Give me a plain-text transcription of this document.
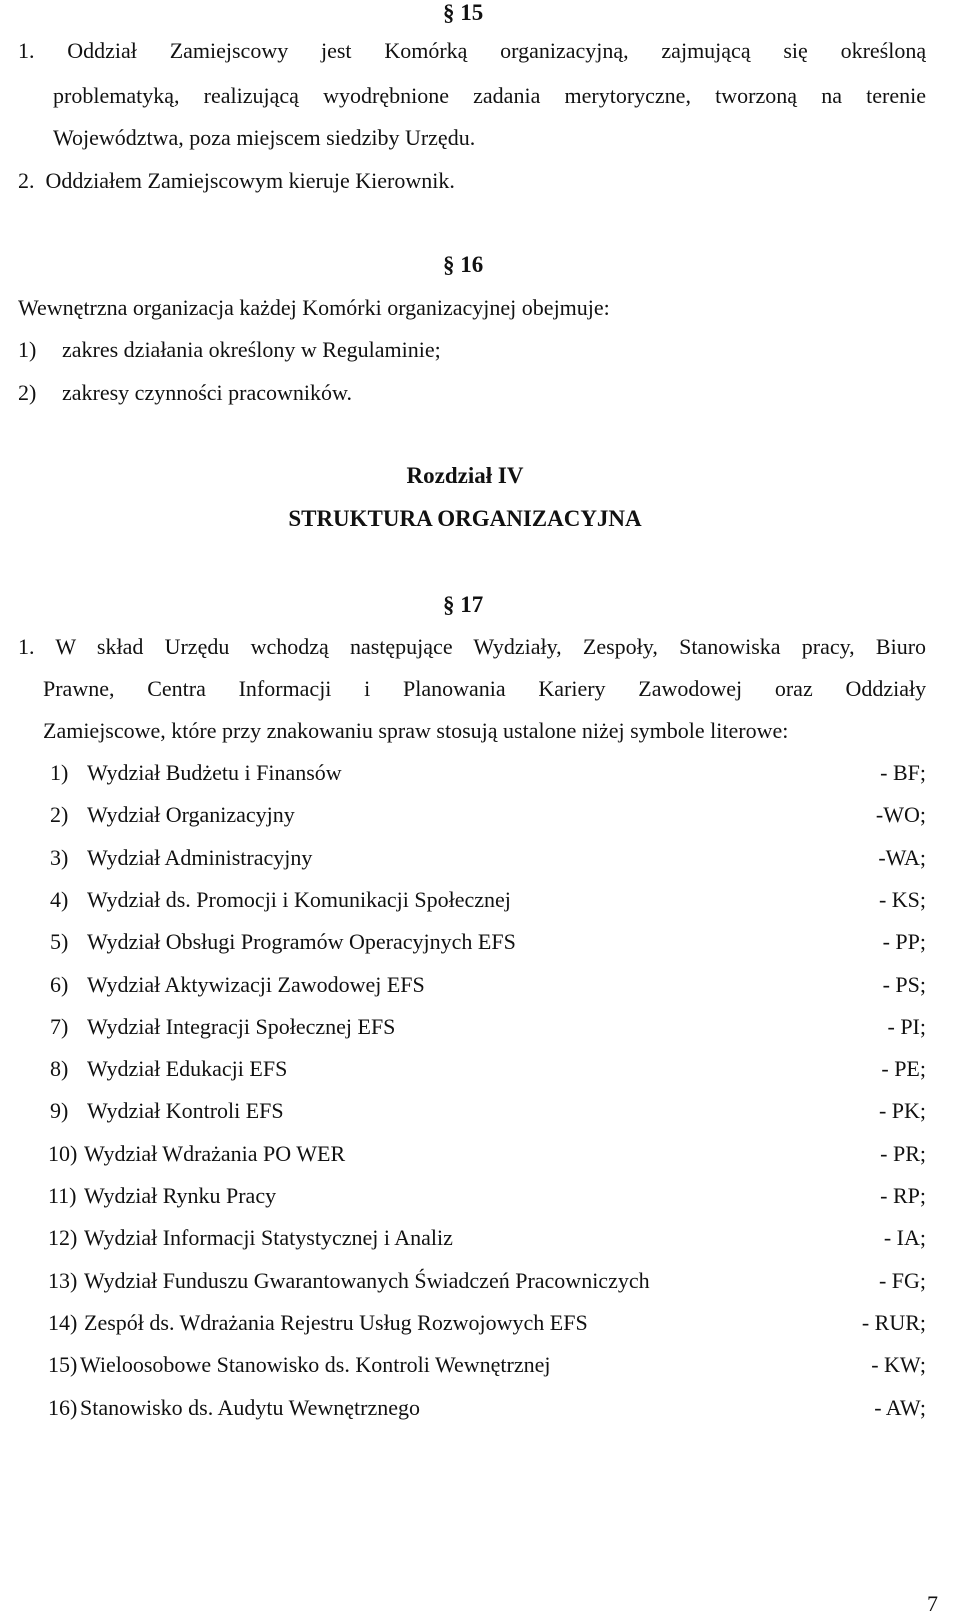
§ 15
1. Oddział Zamiejscowy jest Komórką organizacyjną, zajmującą się określoną
problematyką, realizującą wyodrębnione zadania merytoryczne, tworzoną na terenie
Województwa, poza miejscem siedziby Urzędu.
2.  Oddziałem Zamiejscowym kieruje Kierownik.
§ 16
Wewnętrzna organizacja każdej Komórki organizacyjnej obejmuje:
1) zakres działania określony w Regulaminie;
2) zakresy czynności pracowników.
Rozdział IV
STRUKTURA ORGANIZACYJNA
§ 17
1. W skład Urzędu wchodzą następujące Wydziały, Zespoły, Stanowiska pracy, Biuro
Prawne, Centra Informacji i Planowania Kariery Zawodowej oraz Oddziały
Zamiejscowe, które przy znakowaniu spraw stosują ustalone niżej symbole literowe:
1) Wydział Budżetu i Finansów	- BF;
2) Wydział Organizacyjny	-WO;
3) Wydział Administracyjny	-WA;
4) Wydział ds. Promocji i Komunikacji Społecznej	- KS;
5) Wydział Obsługi Programów Operacyjnych EFS	- PP;
6) Wydział Aktywizacji Zawodowej EFS	- PS;
7) Wydział Integracji Społecznej EFS	- PI;
8) Wydział Edukacji EFS	- PE;
9) Wydział Kontroli EFS	- PK;
10) Wydział Wdrażania PO WER	- PR;
11) Wydział Rynku Pracy	- RP;
12) Wydział Informacji Statystycznej i Analiz	- IA;
13) Wydział Funduszu Gwarantowanych Świadczeń Pracowniczych	- FG;
14) Zespół ds. Wdrażania Rejestru Usług Rozwojowych EFS	- RUR;
15) Wieloosobowe Stanowisko ds. Kontroli Wewnętrznej	- KW;
16) Stanowisko ds. Audytu Wewnętrznego	- AW;
7
